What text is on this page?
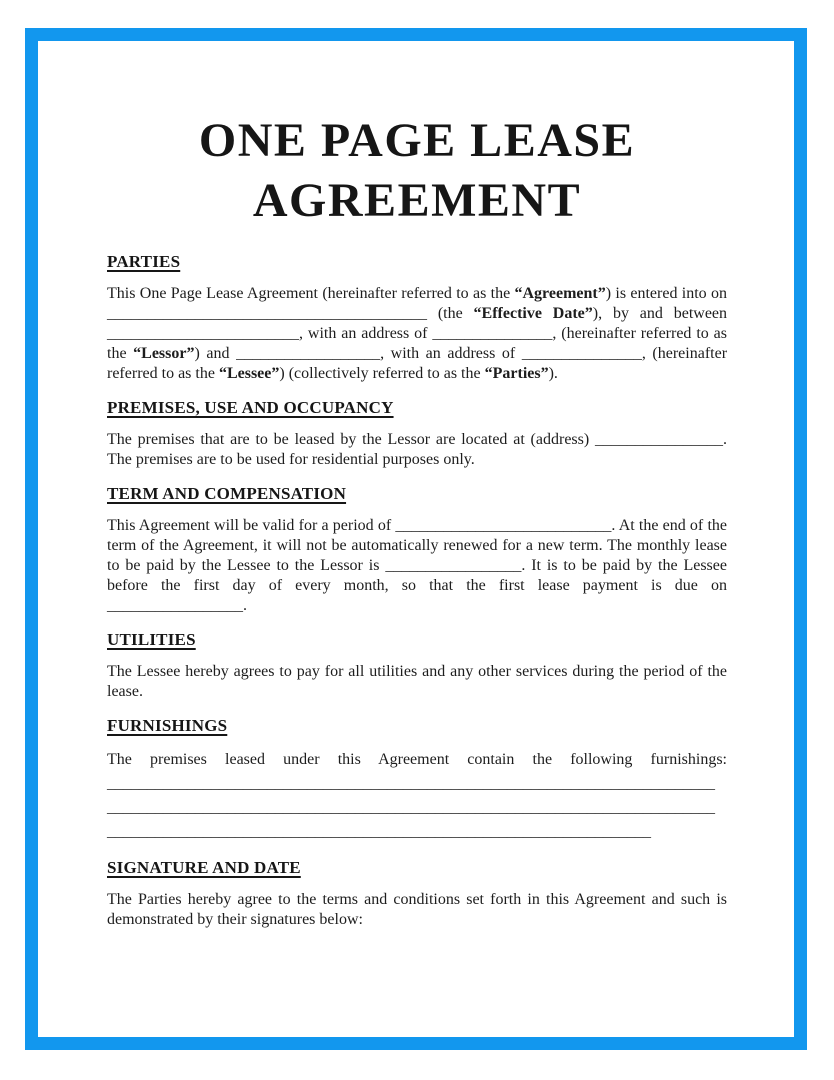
ONE PAGE LEASE
AGREEMENT
PARTIES

This One Page Lease Agreement (hereinafter referred to as the “Agreement”) is entered into on ________________________________________ (the “Effective Date”), by and between ________________________, with an address of _______________, (hereinafter referred to as the “Lessor”) and __________________, with an address of _______________, (hereinafter referred to as the “Lessee”) (collectively referred to as the “Parties”).

PREMISES, USE AND OCCUPANCY

The premises that are to be leased by the Lessor are located at (address) ________________. The premises are to be used for residential purposes only.

TERM AND COMPENSATION

This Agreement will be valid for a period of ___________________________. At the end of the term of the Agreement, it will not be automatically renewed for a new term. The monthly lease to be paid by the Lessee to the Lessor is _________________. It is to be paid by the Lessee before the first day of every month, so that the first lease payment is due on _________________.

UTILITIES

The Lessee hereby agrees to pay for all utilities and any other services during the period of the lease.

FURNISHINGS

The premises leased under this Agreement contain the following furnishings: ____________________________________________________________________________ ____________________________________________________________________________ ____________________________________________________________________

SIGNATURE AND DATE

The Parties hereby agree to the terms and conditions set forth in this Agreement and such is demonstrated by their signatures below:
